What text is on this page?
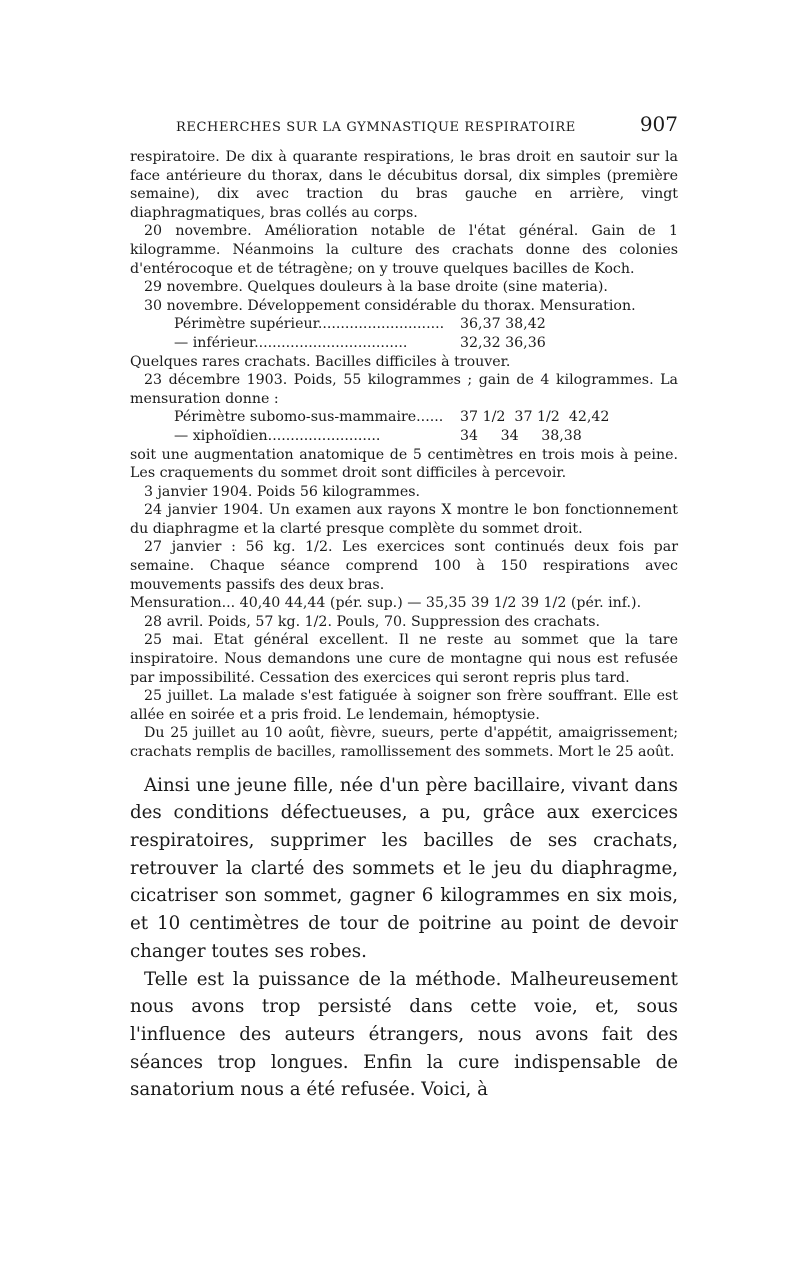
RECHERCHES SUR LA GYMNASTIQUE RESPIRATOIRE	907

respiratoire. De dix à quarante respirations, le bras droit en sautoir sur la face antérieure du thorax, dans le décubitus dorsal, dix simples (première semaine), dix avec traction du bras gauche en arrière, vingt diaphragmatiques, bras collés au corps.

20 novembre. Amélioration notable de l'état général. Gain de 1 kilogramme. Néanmoins la culture des crachats donne des colonies d'entérocoque et de tétragène; on y trouve quelques bacilles de Koch.

29 novembre. Quelques douleurs à la base droite (sine materia).

30 novembre. Développement considérable du thorax. Mensuration.

Périmètre supérieur............................	36,37 38,42
— inférieur..................................	32,32 36,36

Quelques rares crachats. Bacilles difficiles à trouver.

23 décembre 1903. Poids, 55 kilogrammes ; gain de 4 kilogrammes. La mensuration donne :

Périmètre subomo-sus-mammaire......	37 1/2  37 1/2  42,42
— xiphoïdien.........................	34     34     38,38

soit une augmentation anatomique de 5 centimètres en trois mois à peine. Les craquements du sommet droit sont difficiles à percevoir.

3 janvier 1904. Poids 56 kilogrammes.

24 janvier 1904. Un examen aux rayons X montre le bon fonctionnement du diaphragme et la clarté presque complète du sommet droit.

27 janvier : 56 kg. 1/2. Les exercices sont continués deux fois par semaine. Chaque séance comprend 100 à 150 respirations avec mouvements passifs des deux bras.

Mensuration... 40,40 44,44 (pér. sup.) — 35,35 39 1/2 39 1/2 (pér. inf.).

28 avril. Poids, 57 kg. 1/2. Pouls, 70. Suppression des crachats.

25 mai. Etat général excellent. Il ne reste au sommet que la tare inspiratoire. Nous demandons une cure de montagne qui nous est refusée par impossibilité. Cessation des exercices qui seront repris plus tard.

25 juillet. La malade s'est fatiguée à soigner son frère souffrant. Elle est allée en soirée et a pris froid. Le lendemain, hémoptysie.

Du 25 juillet au 10 août, fièvre, sueurs, perte d'appétit, amaigrissement; crachats remplis de bacilles, ramollissement des sommets. Mort le 25 août.

Ainsi une jeune fille, née d'un père bacillaire, vivant dans des conditions défectueuses, a pu, grâce aux exercices respiratoires, supprimer les bacilles de ses crachats, retrouver la clarté des sommets et le jeu du diaphragme, cicatriser son sommet, gagner 6 kilogrammes en six mois, et 10 centimètres de tour de poitrine au point de devoir changer toutes ses robes.

Telle est la puissance de la méthode. Malheureusement nous avons trop persisté dans cette voie, et, sous l'influence des auteurs étrangers, nous avons fait des séances trop longues. Enfin la cure indispensable de sanatorium nous a été refusée. Voici, à
